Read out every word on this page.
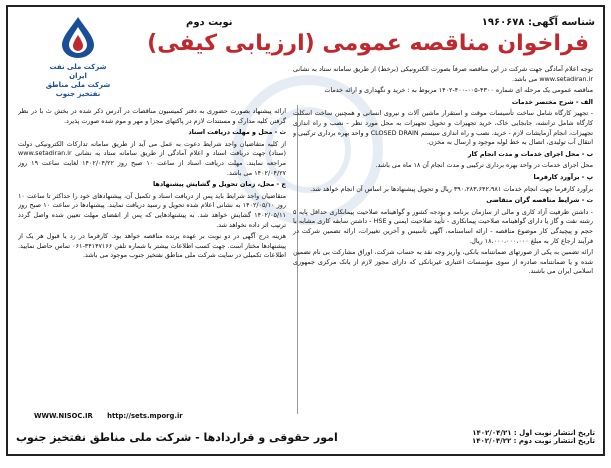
شناسه آگهی: ۱۹۶۰۶۷۸
نوبت دوم
فراخوان مناقصه عمومی (ارزیابی کیفی)
شرکت ملی نفت ایران
شرکت ملی مناطق نفتخیز جنوب

توجه اعلام آمادگی جهت شرکت در این مناقصه صرفاً بصورت الکترونیکی (برخط) از طریق سامانه ستاد به نشانی www.setadiran.ir می باشد.

مناقصه عمومی یک مرحله ای شماره ۴۳۰۰-۰۰۵-۴۰۰-۱۴۰۲ مربوط به : خرید و نگهداری و ارائه خدمات

الف - شرح مختصر خدمات

- تجهیز کارگاه شامل ساخت تأسیسات موقت و استقرار ماشین آلات و نیروی انسانی و همچنین ساخت اسکلت کارگاه شامل ترانشه، جابجایی خاک، خرید تجهیزات و تحویل تجهیزات به محل مورد نظر - نصب و راه اندازی تجهیزات، انجام آزمایشات لازم - خرید، نصب و راه اندازی سیستم CLOSED DRAIN و واحد بهره برداری ترکیبی و انتقال آب تولیدی، اتصال به خط لوله موجود و ارسال به مخزن.

ب - محل اجرای خدمات و مدت انجام کار

محل اجرای خدمات در واحد بهره برداری ترکیبی و مدت انجام آن ۱۸ ماه می باشد.

پ - برآورد کارفرما

برآورد کارفرما جهت انجام خدمات ۳۹۰،۲۸۳،۶۴۲،۹۸۱ ریال و تحویل پیشنهادها بر اساس آن انجام خواهد شد.

ت - شرایط مناقصه گران متقاضی

- داشتن ظرفیت آزاد کاری و مالی از سازمان برنامه و بودجه کشور و گواهینامه صلاحیت پیمانکاری حداقل پایه ۵ رشته نفت و گاز یا دارای گواهینامه صلاحیت پیمانکاری - تأیید صلاحیت ایمنی و HSE - داشتن سابقه کاری مشابه با حجم و پیچیدگی کار موضوع مناقصه - ارائه اساسنامه، آگهی تأسیس و آخرین تغییرات، ارائه تضمین شرکت در فرآیند ارجاع کار به مبلغ ۱۸،۰۰۰،۰۰۰،۰۰۰ ریال.

ارائه تضمین به یکی از صورتهای ضمانتنامه بانکی، واریز وجه نقد به حساب شرکت، اوراق مشارکت بی نام تضمین شده و یا ضمانتنامه صادره از سوی مؤسسات اعتباری غیربانکی که دارای مجوز لازم از بانک مرکزی جمهوری اسلامی ایران می باشند.

ارائه پیشنهاد بصورت حضوری به دفتر کمیسیون مناقصات در آدرس ذکر شده در بخش ث با در نظر گرفتن کلیه مدارک و مستندات لازم در پاکتهای مجزا و مهر و موم شده صورت پذیرد.

ث - محل و مهلت دریافت اسناد

از کلیه متقاضیان واجد شرایط دعوت به عمل می آید از طریق سامانه تدارکات الکترونیکی دولت (ستاد) جهت دریافت اسناد و اعلام آمادگی از طریق سامانه ستاد به نشانی www.setadiran.ir مراجعه نمایند. مهلت دریافت اسناد از ساعت ۱۰ صبح روز ۱۴۰۲/۰۴/۲۲ لغایت ساعت ۱۹ روز ۱۴۰۲/۰۴/۲۷ می باشد.

ج - محل، زمان تحویل و گشایش پیشنهادها

متقاضیان واجد شرایط باید پس از دریافت اسناد و تکمیل آن، پیشنهادهای خود را حداکثر تا ساعت ۱۰ روز ۱۴۰۲/۰۵/۱۰ به نشانی اعلام شده تحویل و رسید دریافت نمایند. پیشنهادها در ساعت ۱۰ صبح روز ۱۴۰۲/۰۵/۱۱ گشایش خواهد شد. به پیشنهادهایی که پس از انقضای مهلت تعیین شده واصل گردد ترتیب اثر داده نخواهد شد.

هزینه درج آگهی در دو نوبت بر عهده برنده مناقصه خواهد بود. کارفرما در رد یا قبول هر یک از پیشنهادها مختار است. جهت کسب اطلاعات بیشتر با شماره تلفن ۳۴۱۴۷۱۶۶-۰۶۱ تماس حاصل نمایید. اطلاعات تکمیلی در سایت شرکت ملی مناطق نفتخیز جنوب موجود می باشد.

WWW.NISOC.IR http://sets.mporg.ir
تاریخ انتشار نوبت اول : ۱۴۰۲/۰۴/۲۱
تاریخ انتشار نوبت دوم : ۱۴۰۲/۰۴/۲۲
امور حقوقی و قراردادها - شرکت ملی مناطق نفتخیز جنوب
